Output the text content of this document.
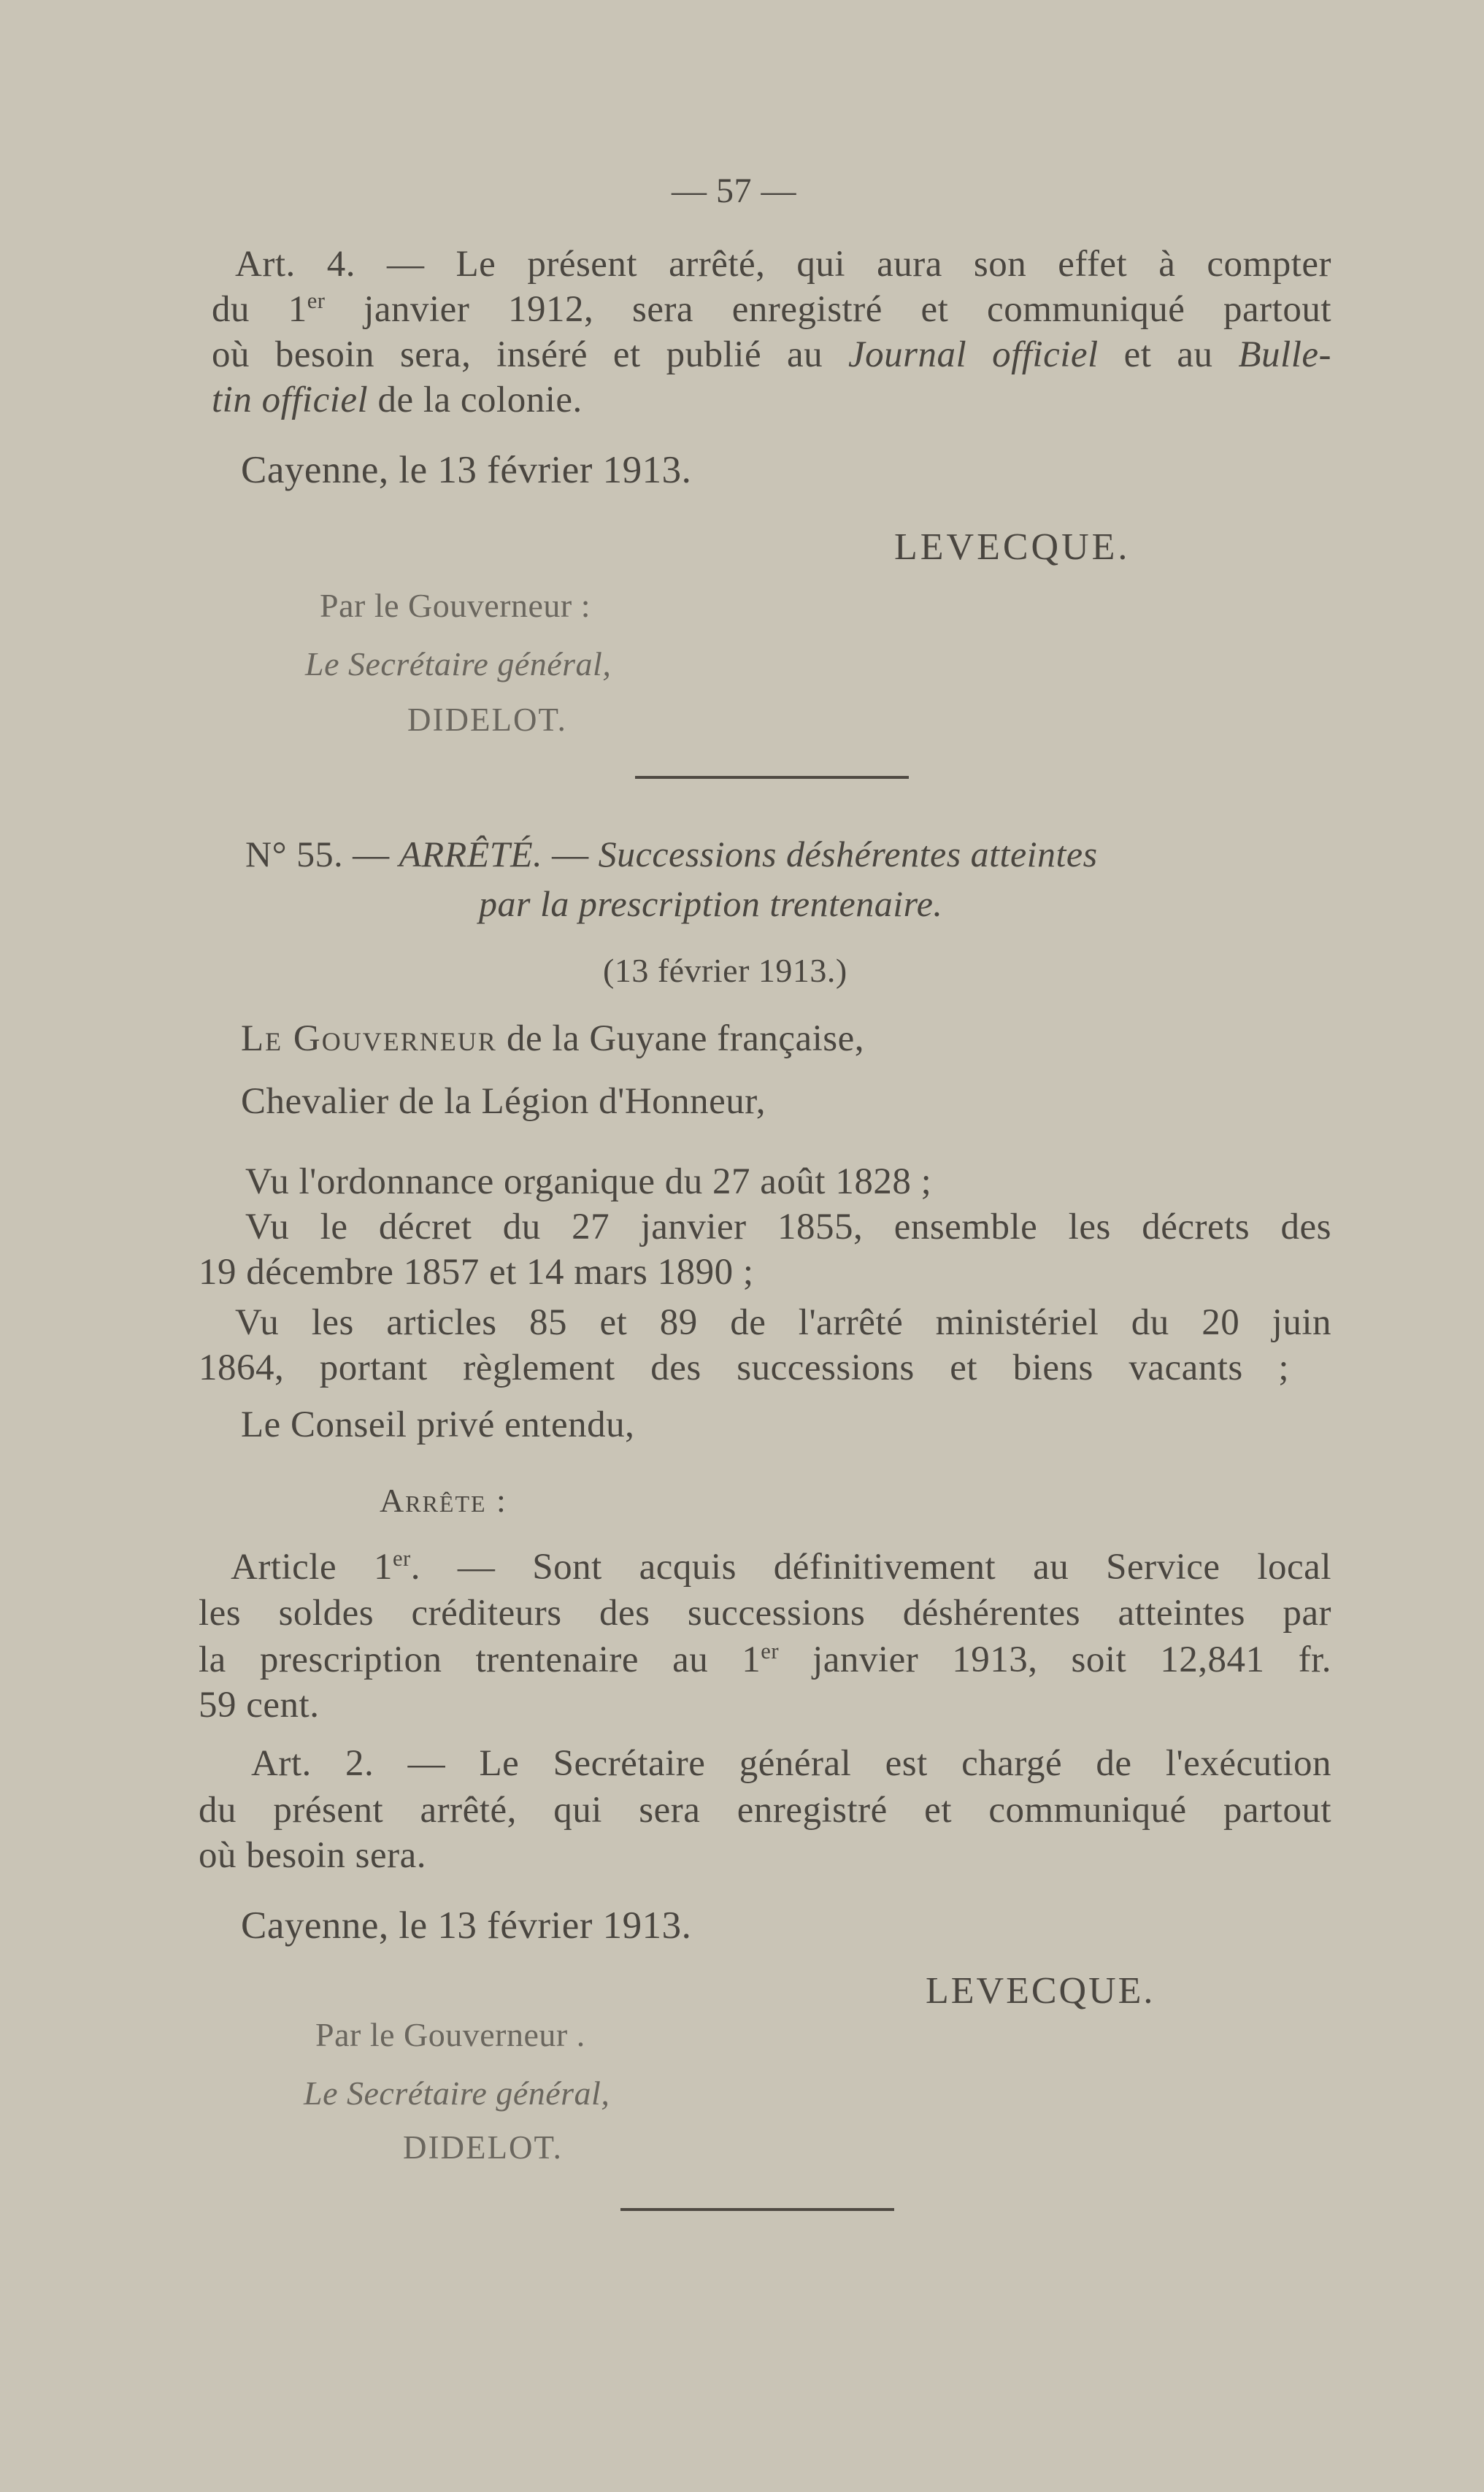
— 57 —
Art. 4. — Le présent arrêté, qui aura son effet à compter
du 1er janvier 1912, sera enregistré et communiqué partout
où besoin sera, inséré et publié au Journal officiel et au Bulle-
tin officiel de la colonie.
Cayenne, le 13 février 1913.
LEVECQUE.
Par le Gouverneur :
Le Secrétaire général,
DIDELOT.
N° 55. — ARRÊTÉ. — Successions déshérentes atteintes
par la prescription trentenaire.
(13 février 1913.)
Le Gouverneur de la Guyane française,
Chevalier de la Légion d'Honneur,
Vu l'ordonnance organique du 27 août 1828 ;
Vu le décret du 27 janvier 1855, ensemble les décrets des
19 décembre 1857 et 14 mars 1890 ;
Vu les articles 85 et 89 de l'arrêté ministériel du 20 juin
1864, portant règlement des successions et biens vacants ;
Le Conseil privé entendu,
Arrête :
Article 1er. — Sont acquis définitivement au Service local
les soldes créditeurs des successions déshérentes atteintes par
la prescription trentenaire au 1er janvier 1913, soit 12,841 fr.
59 cent.
Art. 2. — Le Secrétaire général est chargé de l'exécution
du présent arrêté, qui sera enregistré et communiqué partout
où besoin sera.
Cayenne, le 13 février 1913.
LEVECQUE.
Par le Gouverneur .
Le Secrétaire général,
DIDELOT.
